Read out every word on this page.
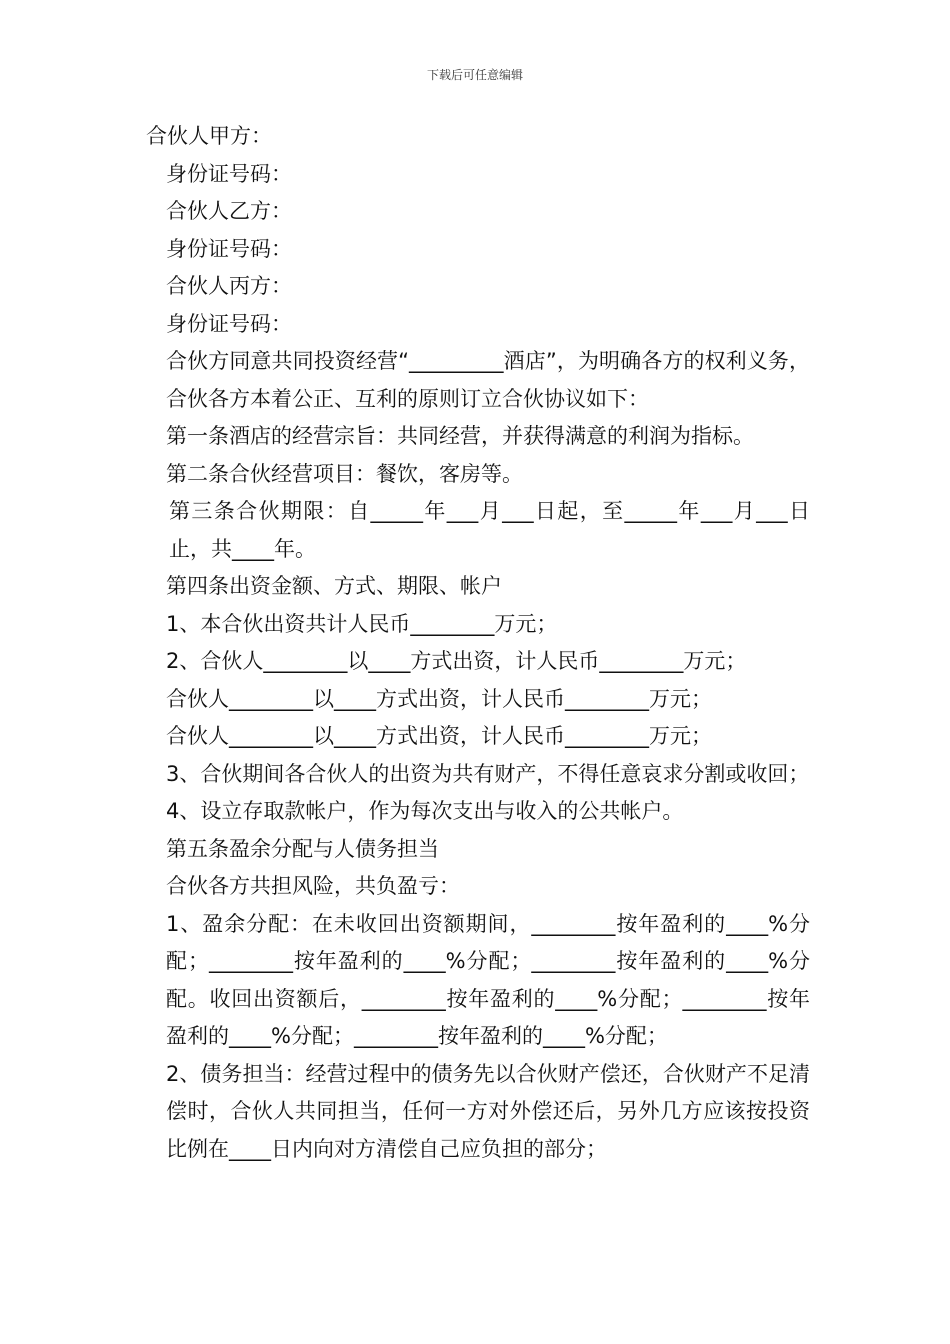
下载后可任意编辑

合伙人甲方：

身份证号码：

合伙人乙方：

身份证号码：

合伙人丙方：

身份证号码：

合伙方同意共同投资经营“_________酒店”，为明确各方的权利义务，合伙各方本着公正、互利的原则订立合伙协议如下：

第一条酒店的经营宗旨：共同经营，并获得满意的利润为指标。

第二条合伙经营项目：餐饮，客房等。

第三条合伙期限：自_____年___月___日起，至_____年___月___日止，共____年。

第四条出资金额、方式、期限、帐户

1、本合伙出资共计人民币________万元；

2、合伙人________以____方式出资，计人民币________万元；

合伙人________以____方式出资，计人民币________万元；

合伙人________以____方式出资，计人民币________万元；

3、合伙期间各合伙人的出资为共有财产，不得任意哀求分割或收回；

4、设立存取款帐户，作为每次支出与收入的公共帐户。

第五条盈余分配与人债务担当

合伙各方共担风险，共负盈亏：

1、盈余分配：在未收回出资额期间，________按年盈利的____%分配；________按年盈利的____%分配；________按年盈利的____%分配。收回出资额后，________按年盈利的____%分配；________按年盈利的____%分配；________按年盈利的____%分配；

2、债务担当：经营过程中的债务先以合伙财产偿还，合伙财产不足清偿时，合伙人共同担当，任何一方对外偿还后，另外几方应该按投资比例在____日内向对方清偿自己应负担的部分；
